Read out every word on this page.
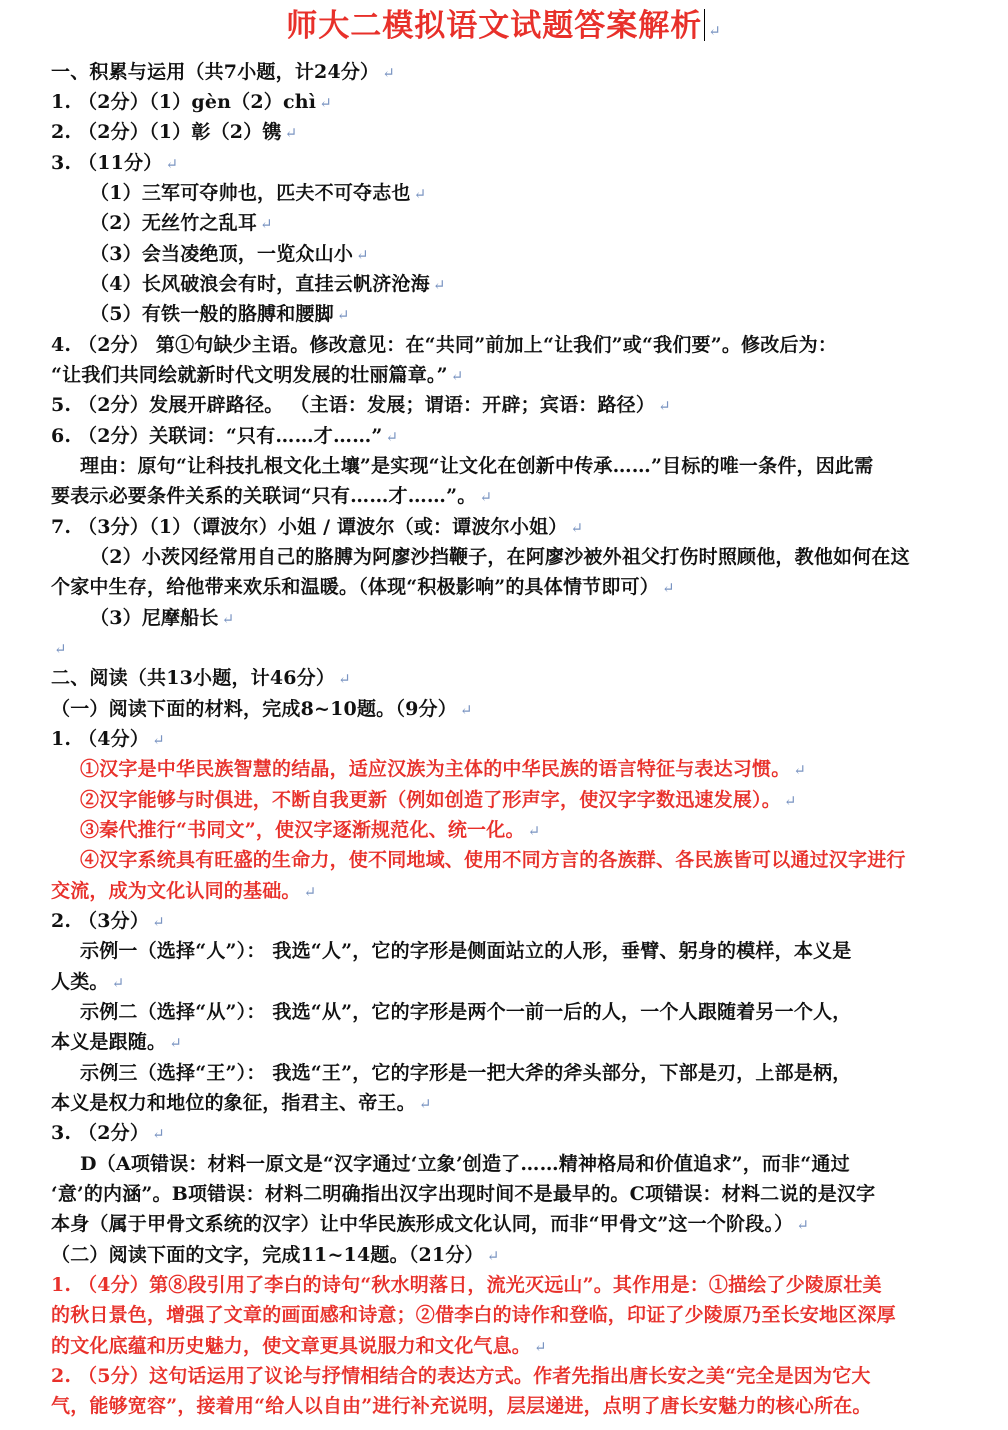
师大二模拟语文试题答案解析 ↵
一、积累与运用（共7小题，计24分） ↵
1. （2分）（1）gèn（2）chì ↵
2. （2分）（1）彰（2）镌 ↵
3. （11分） ↵
（1）三军可夺帅也，匹夫不可夺志也 ↵
（2）无丝竹之乱耳 ↵
（3）会当凌绝顶，一览众山小 ↵
（4）长风破浪会有时，直挂云帆济沧海 ↵
（5）有铁一般的胳膊和腰脚 ↵
4. （2分） 第①句缺少主语。修改意见：在“共同”前加上“让我们”或“我们要”。修改后为：
“让我们共同绘就新时代文明发展的壮丽篇章。” ↵
5. （2分）发展开辟路径。 （主语：发展；谓语：开辟；宾语：路径） ↵
6. （2分）关联词：“只有……才……” ↵
理由：原句“让科技扎根文化土壤”是实现“让文化在创新中传承……”目标的唯一条件，因此需
要表示必要条件关系的关联词“只有……才……”。 ↵
7. （3分）（1）（谭波尔）小姐 / 谭波尔（或：谭波尔小姐） ↵
（2）小茨冈经常用自己的胳膊为阿廖沙挡鞭子，在阿廖沙被外祖父打伤时照顾他，教他如何在这
个家中生存，给他带来欢乐和温暖。（体现“积极影响”的具体情节即可） ↵
（3）尼摩船长 ↵
↵
二、阅读（共13小题，计46分） ↵
（一）阅读下面的材料，完成8~10题。（9分） ↵
1. （4分） ↵
①汉字是中华民族智慧的结晶，适应汉族为主体的中华民族的语言特征与表达习惯。 ↵
②汉字能够与时俱进，不断自我更新（例如创造了形声字，使汉字字数迅速发展）。 ↵
③秦代推行“书同文”，使汉字逐渐规范化、统一化。 ↵
④汉字系统具有旺盛的生命力，使不同地域、使用不同方言的各族群、各民族皆可以通过汉字进行
交流，成为文化认同的基础。 ↵
2. （3分） ↵
示例一（选择“人”）： 我选“人”，它的字形是侧面站立的人形，垂臂、躬身的模样，本义是
人类。 ↵
示例二（选择“从”）： 我选“从”，它的字形是两个一前一后的人，一个人跟随着另一个人，
本义是跟随。 ↵
示例三（选择“王”）： 我选“王”，它的字形是一把大斧的斧头部分，下部是刃，上部是柄，
本义是权力和地位的象征，指君主、帝王。 ↵
3. （2分） ↵
D（A项错误：材料一原文是“汉字通过‘立象’创造了……精神格局和价值追求”，而非“通过
‘意’的内涵”。B项错误：材料二明确指出汉字出现时间不是最早的。C项错误：材料二说的是汉字
本身（属于甲骨文系统的汉字）让中华民族形成文化认同，而非“甲骨文”这一个阶段。） ↵
（二）阅读下面的文字，完成11~14题。（21分） ↵
1. （4分）第⑧段引用了李白的诗句“秋水明落日，流光灭远山”。其作用是：①描绘了少陵原壮美
的秋日景色，增强了文章的画面感和诗意；②借李白的诗作和登临，印证了少陵原乃至长安地区深厚
的文化底蕴和历史魅力，使文章更具说服力和文化气息。 ↵
2. （5分）这句话运用了议论与抒情相结合的表达方式。作者先指出唐长安之美“完全是因为它大
气，能够宽容”，接着用“给人以自由”进行补充说明，层层递进，点明了唐长安魅力的核心所在。
